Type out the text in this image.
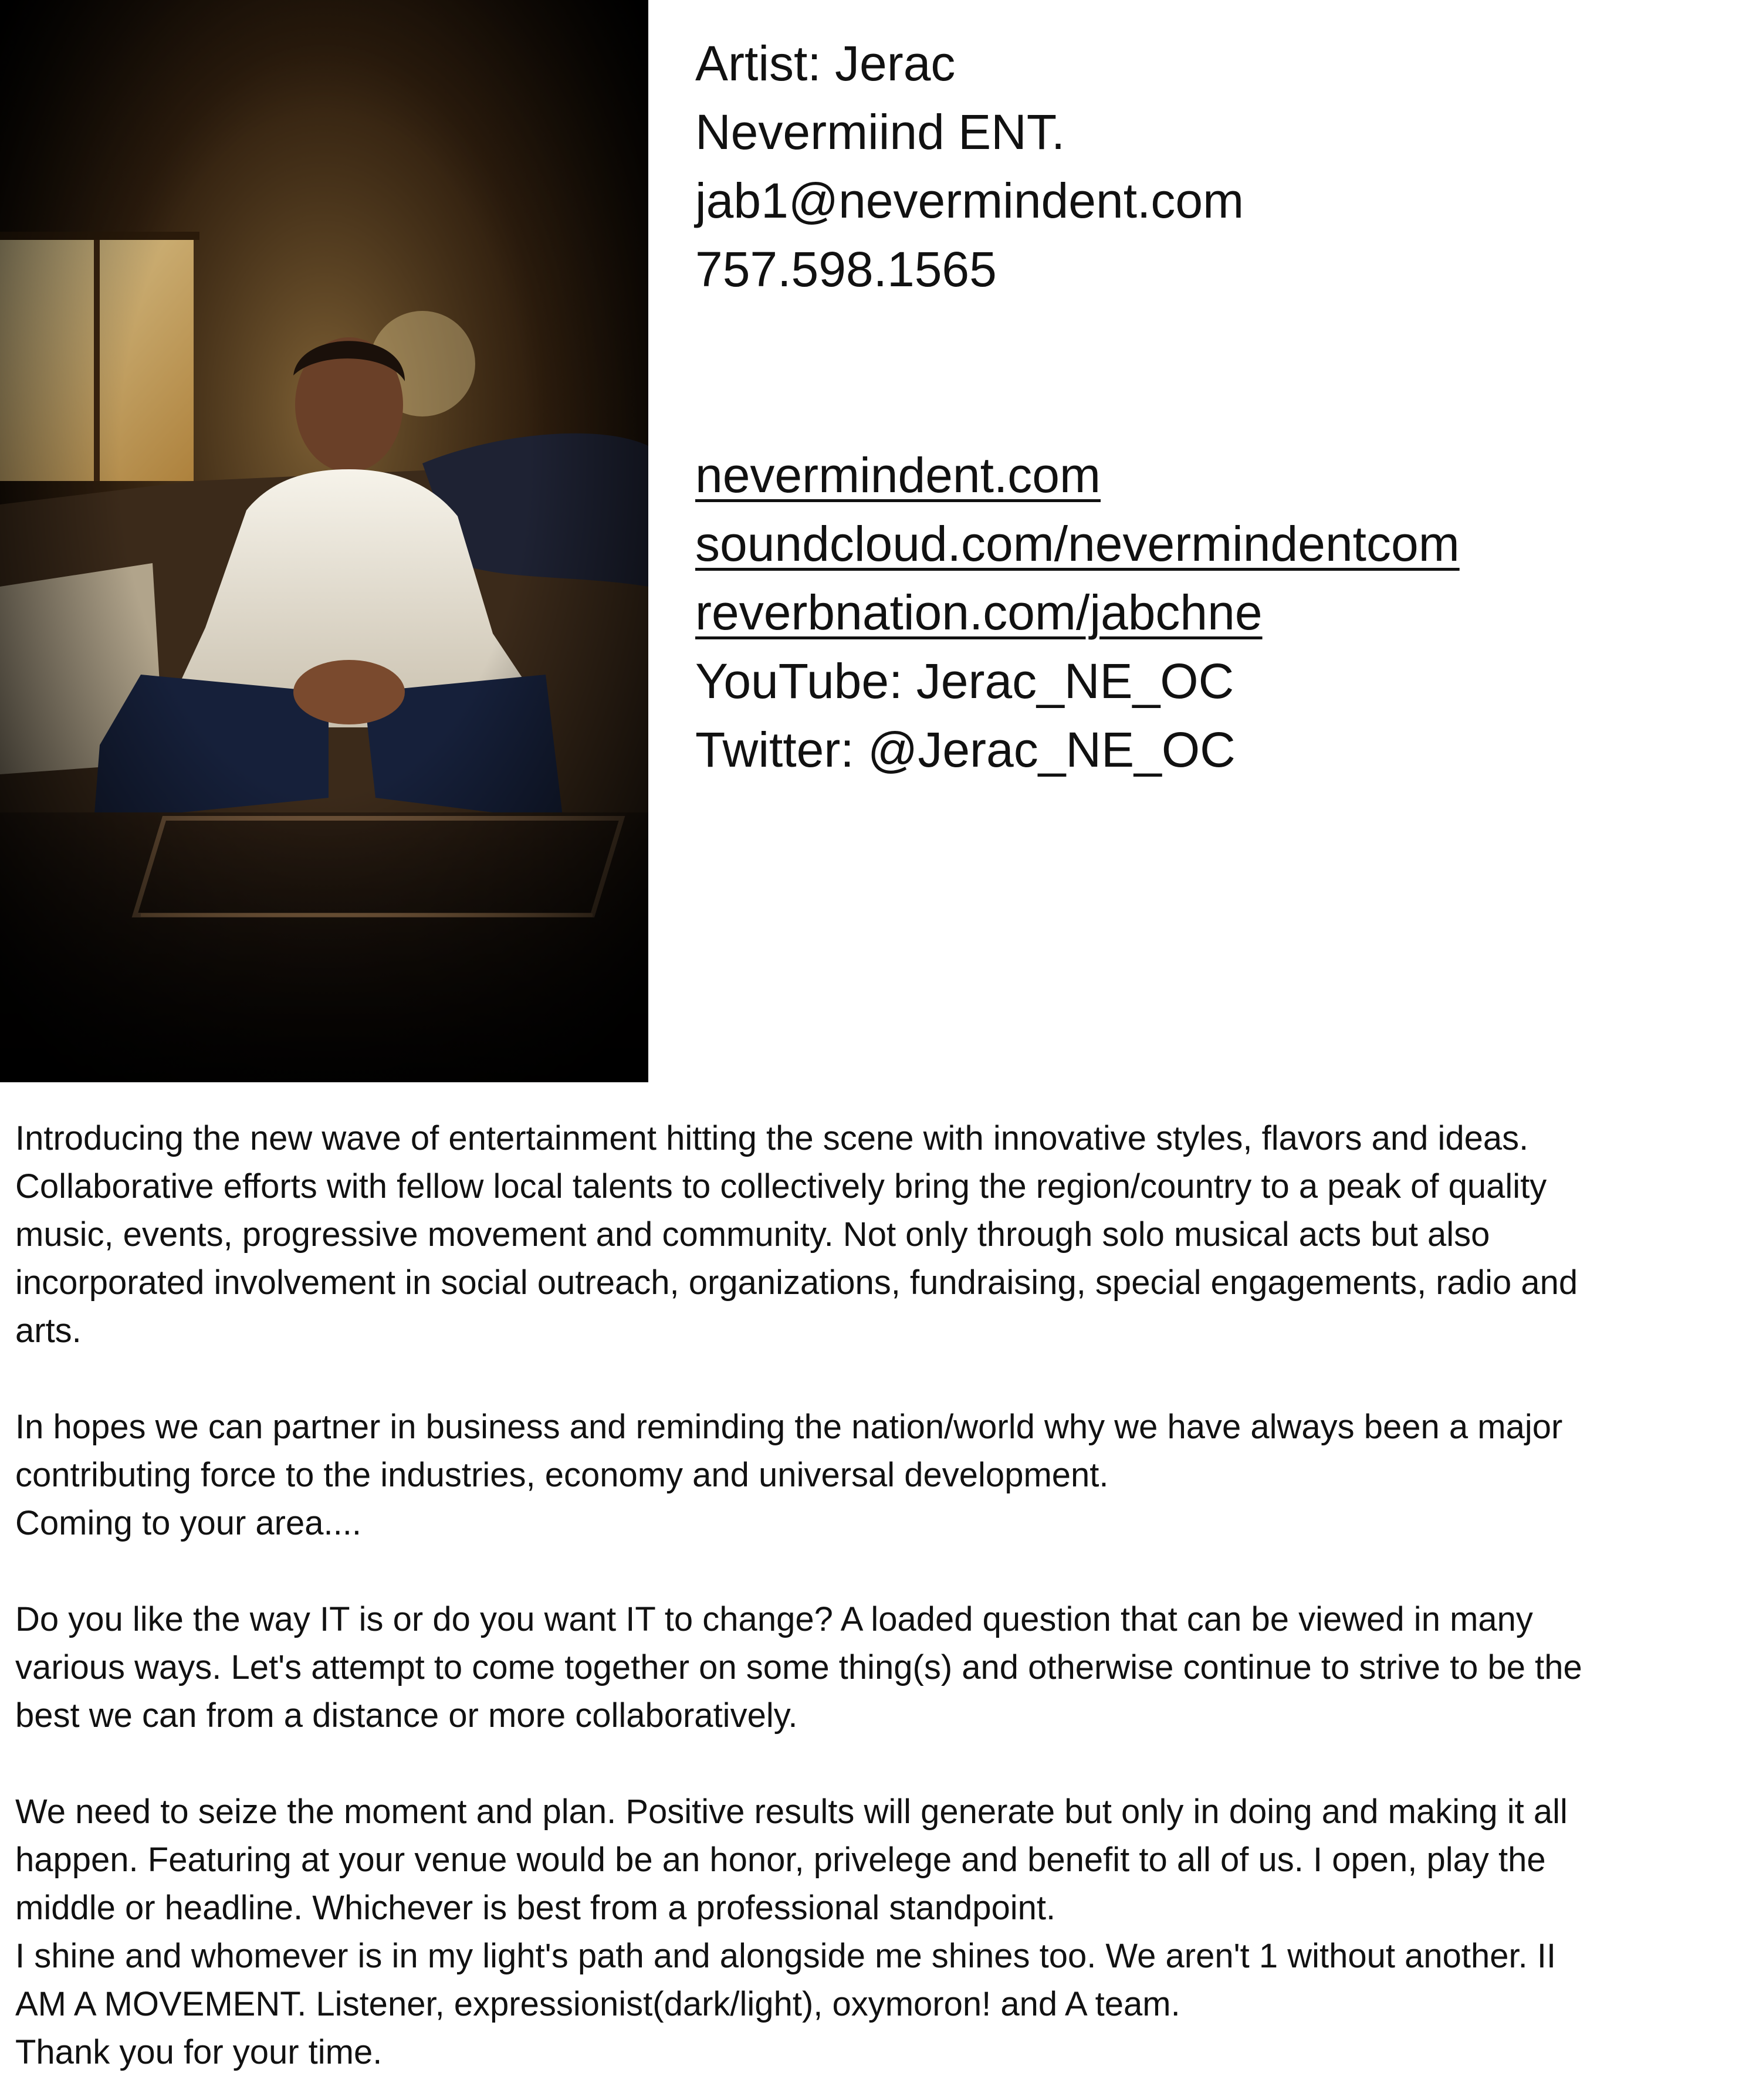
Artist: Jerac
Nevermiind ENT.
jab1@nevermindent.com
757.598.1565
nevermindent.com
soundcloud.com/nevermindentcom
reverbnation.com/jabchne
YouTube: Jerac_NE_OC
Twitter: @Jerac_NE_OC

Introducing the new wave of entertainment hitting the scene with innovative styles, flavors and ideas.
Collaborative efforts with fellow local talents to collectively bring the region/country to a peak of quality
music, events, progressive movement and community. Not only through solo musical acts but also
incorporated involvement in social outreach, organizations, fundraising, special engagements, radio and
arts.

In hopes we can partner in business and reminding the nation/world why we have always been a major
contributing force to the industries, economy and universal development.
Coming to your area....

Do you like the way IT is or do you want IT to change? A loaded question that can be viewed in many
various ways. Let's attempt to come together on some thing(s) and otherwise continue to strive to be the
best we can from a distance or more collaboratively.

We need to seize the moment and plan. Positive results will generate but only in doing and making it all
happen. Featuring at your venue would be an honor, privelege and benefit to all of us. I open, play the
middle or headline. Whichever is best from a professional standpoint.
I shine and whomever is in my light's path and alongside me shines too. We aren't 1 without another. II
AM A MOVEMENT. Listener, expressionist(dark/light), oxymoron! and A team.
Thank you for your time.
